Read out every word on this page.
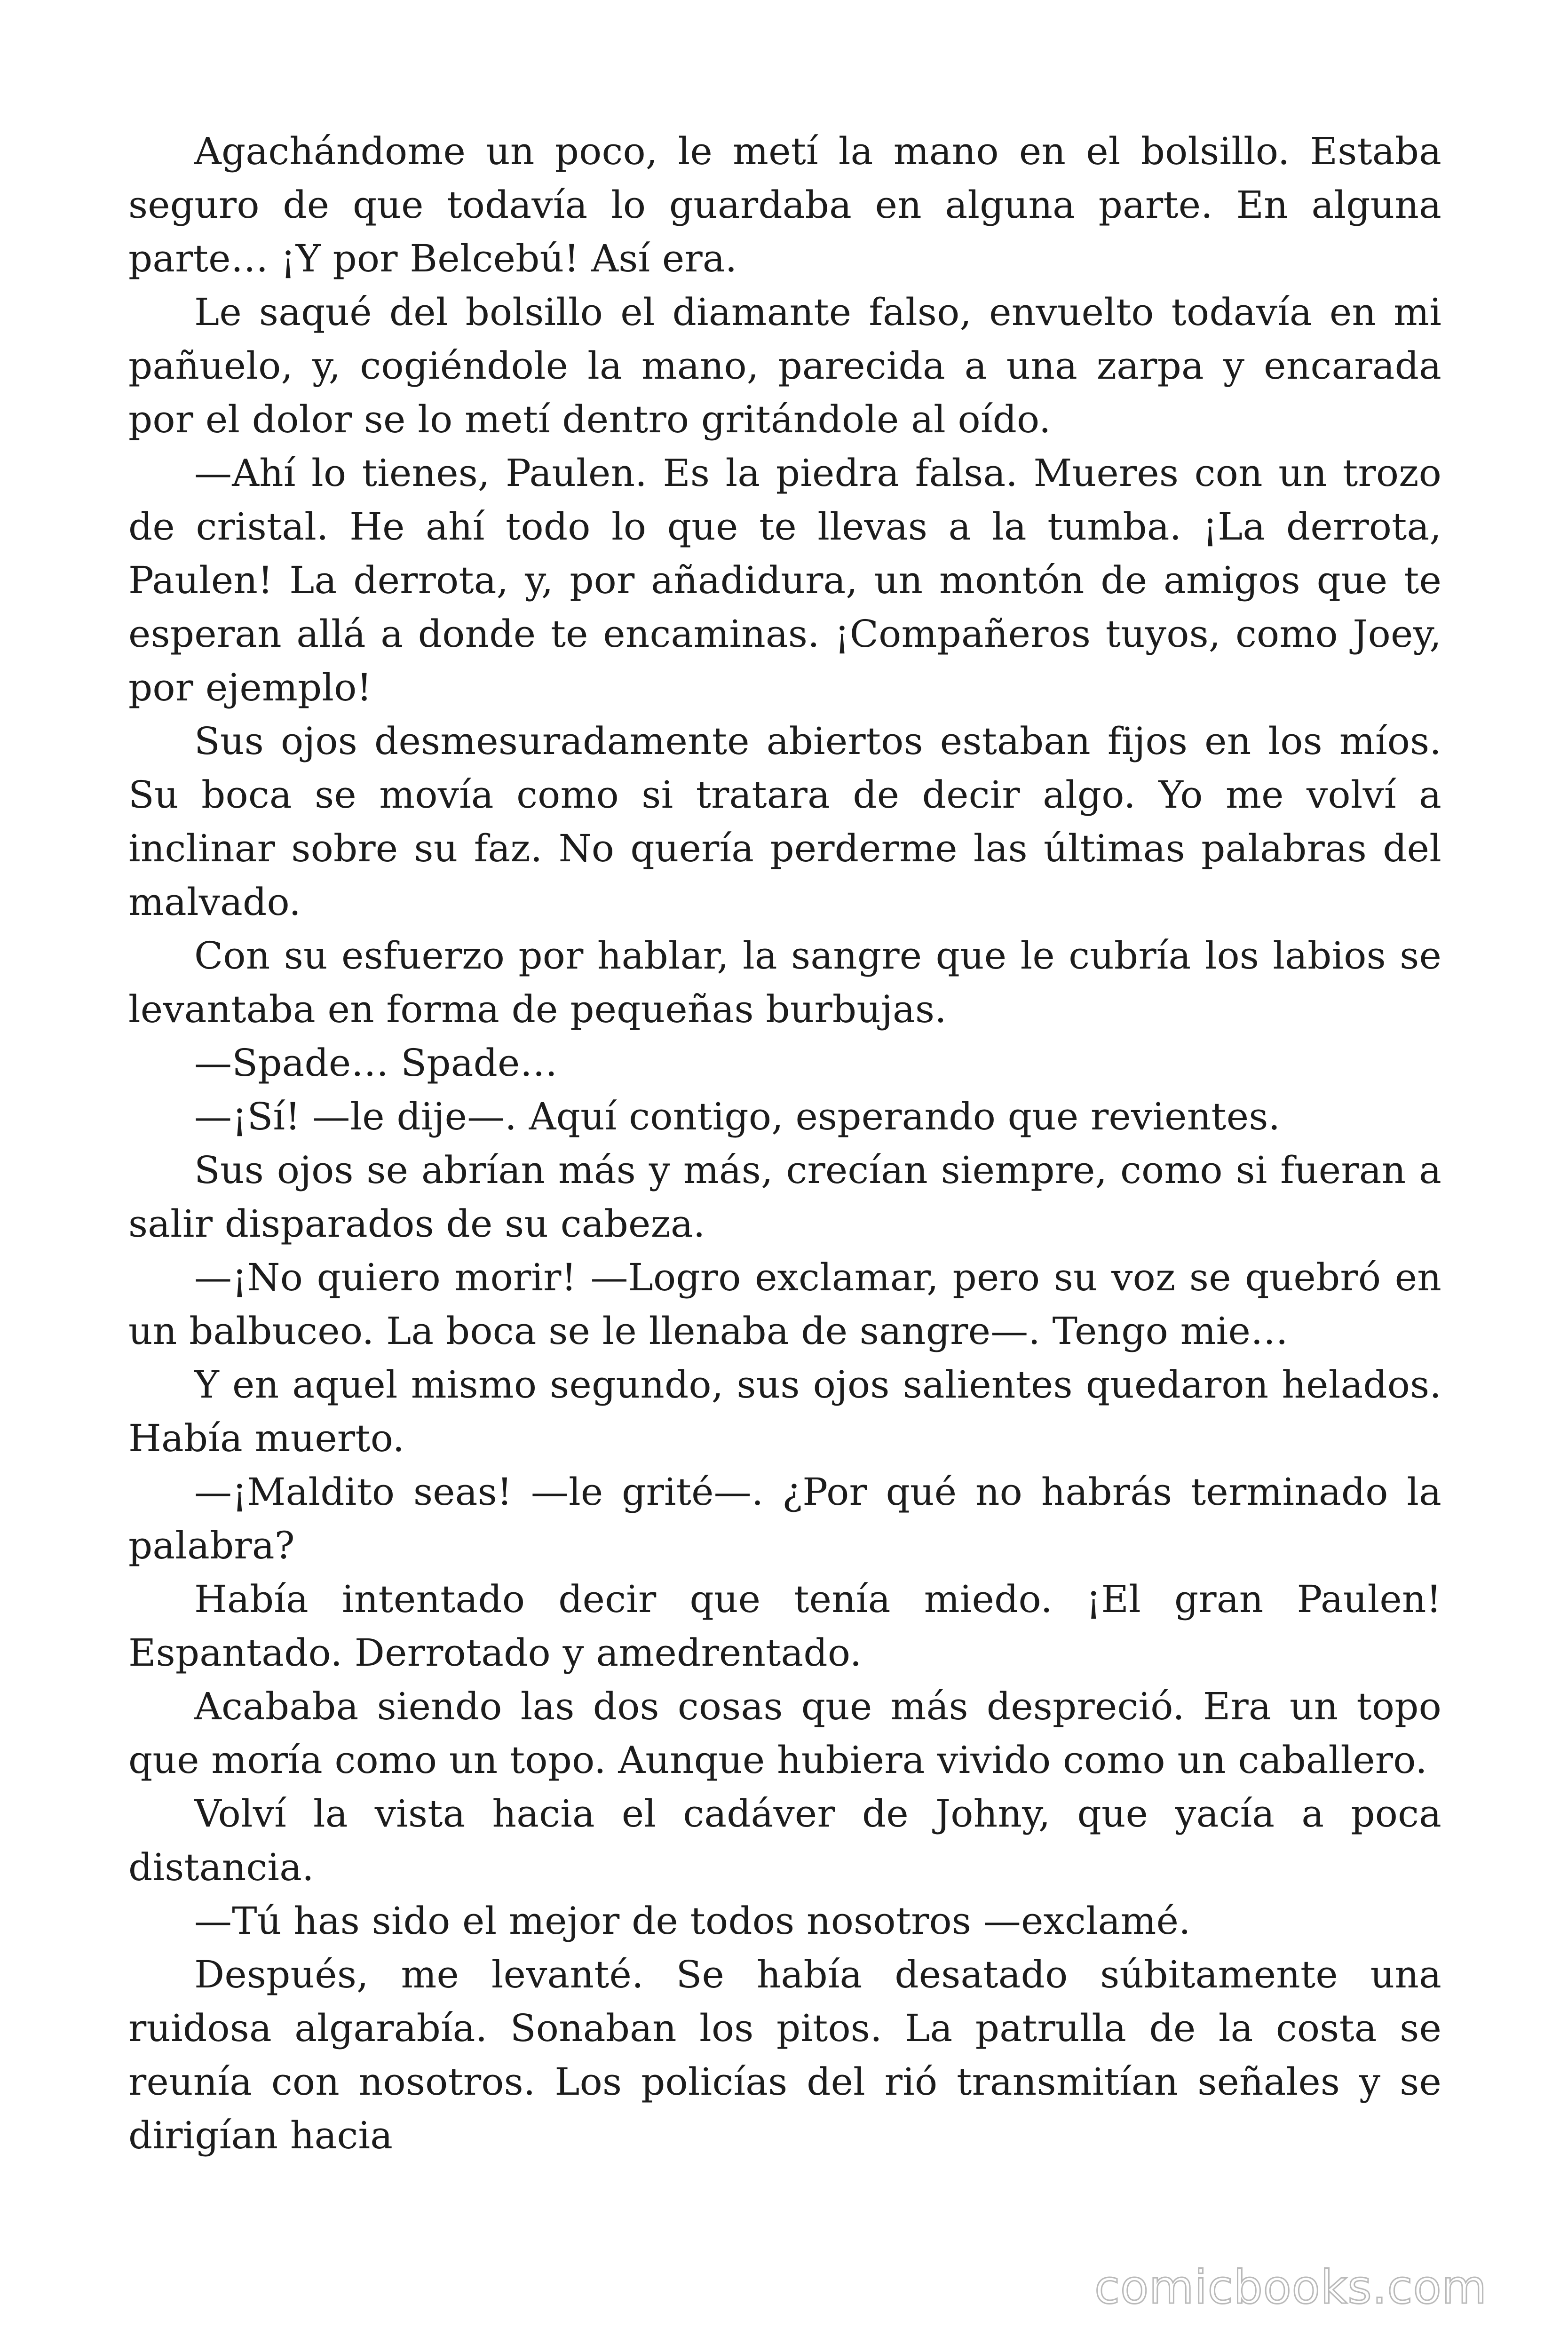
Agachándome un poco, le metí la mano en el bolsillo. Estaba seguro de que todavía lo guardaba en alguna parte. En alguna parte… ¡Y por Belcebú! Así era.

Le saqué del bolsillo el diamante falso, envuelto todavía en mi pañuelo, y, cogiéndole la mano, parecida a una zarpa y encarada por el dolor se lo metí dentro gritándole al oído.

—Ahí lo tienes, Paulen. Es la piedra falsa. Mueres con un trozo de cristal. He ahí todo lo que te llevas a la tumba. ¡La derrota, Paulen! La derrota, y, por añadidura, un montón de amigos que te esperan allá a donde te encaminas. ¡Compañeros tuyos, como Joey, por ejemplo!

Sus ojos desmesuradamente abiertos estaban fijos en los míos. Su boca se movía como si tratara de decir algo. Yo me volví a inclinar sobre su faz. No quería perderme las últimas palabras del malvado.

Con su esfuerzo por hablar, la sangre que le cubría los labios se levantaba en forma de pequeñas burbujas.

—Spade… Spade…

—¡Sí! —le dije—. Aquí contigo, esperando que revientes.

Sus ojos se abrían más y más, crecían siempre, como si fueran a salir disparados de su cabeza.

—¡No quiero morir! —Logro exclamar, pero su voz se quebró en un balbuceo. La boca se le llenaba de sangre—. Tengo mie…

Y en aquel mismo segundo, sus ojos salientes quedaron helados. Había muerto.

—¡Maldito seas! —le grité—. ¿Por qué no habrás terminado la palabra?

Había intentado decir que tenía miedo. ¡El gran Paulen! Espantado. Derrotado y amedrentado.

Acababa siendo las dos cosas que más despreció. Era un topo que moría como un topo. Aunque hubiera vivido como un caballero.

Volví la vista hacia el cadáver de Johny, que yacía a poca distancia.

—Tú has sido el mejor de todos nosotros —exclamé.

Después, me levanté. Se había desatado súbitamente una ruidosa algarabía. Sonaban los pitos. La patrulla de la costa se reunía con nosotros. Los policías del rió transmitían señales y se dirigían hacia

comicbooks.com
